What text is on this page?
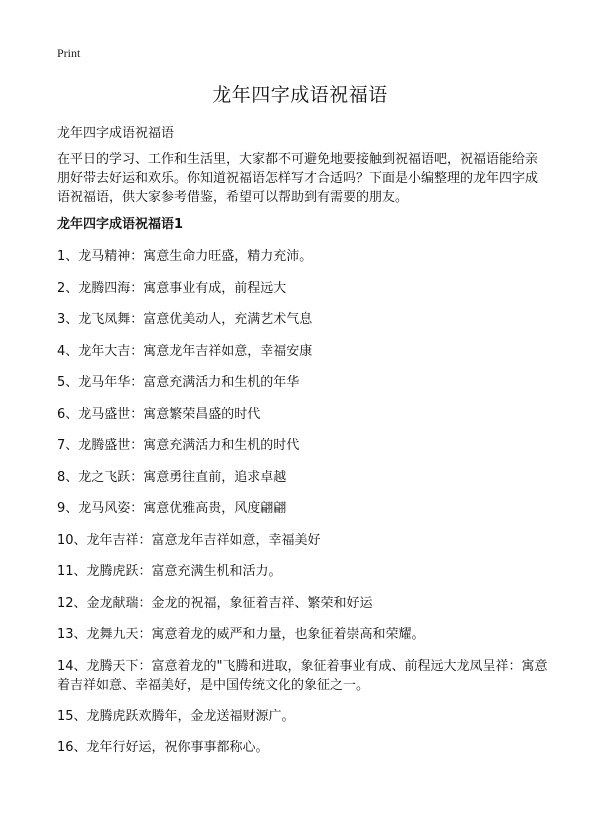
Print
龙年四字成语祝福语
龙年四字成语祝福语

在平日的学习、工作和生活里，大家都不可避免地要接触到祝福语吧，祝福语能给亲朋好带去好运和欢乐。你知道祝福语怎样写才合适吗？下面是小编整理的龙年四字成语祝福语，供大家参考借鉴，希望可以帮助到有需要的朋友。

龙年四字成语祝福语1
1、龙马精神：寓意生命力旺盛，精力充沛。
2、龙腾四海：寓意事业有成，前程远大
3、龙飞凤舞：富意优美动人，充满艺术气息
4、龙年大吉：寓意龙年吉祥如意，幸福安康
5、龙马年华：富意充满活力和生机的年华
6、龙马盛世：寓意繁荣昌盛的时代
7、龙腾盛世：寓意充满活力和生机的时代
8、龙之飞跃：寓意勇往直前，追求卓越
9、龙马风姿：寓意优雅高贵，风度翩翩
10、龙年吉祥：富意龙年吉祥如意，幸福美好
11、龙腾虎跃：富意充满生机和活力。
12、金龙献瑞：金龙的祝福，象征着吉祥、繁荣和好运
13、龙舞九天：寓意着龙的威严和力量，也象征着崇高和荣耀。
14、龙腾天下：富意着龙的"飞腾和进取，象征着事业有成、前程远大龙凤呈祥：寓意着吉祥如意、幸福美好，是中国传统文化的象征之一。
15、龙腾虎跃欢腾年，金龙送福财源广。
16、龙年行好运，祝你事事都称心。
